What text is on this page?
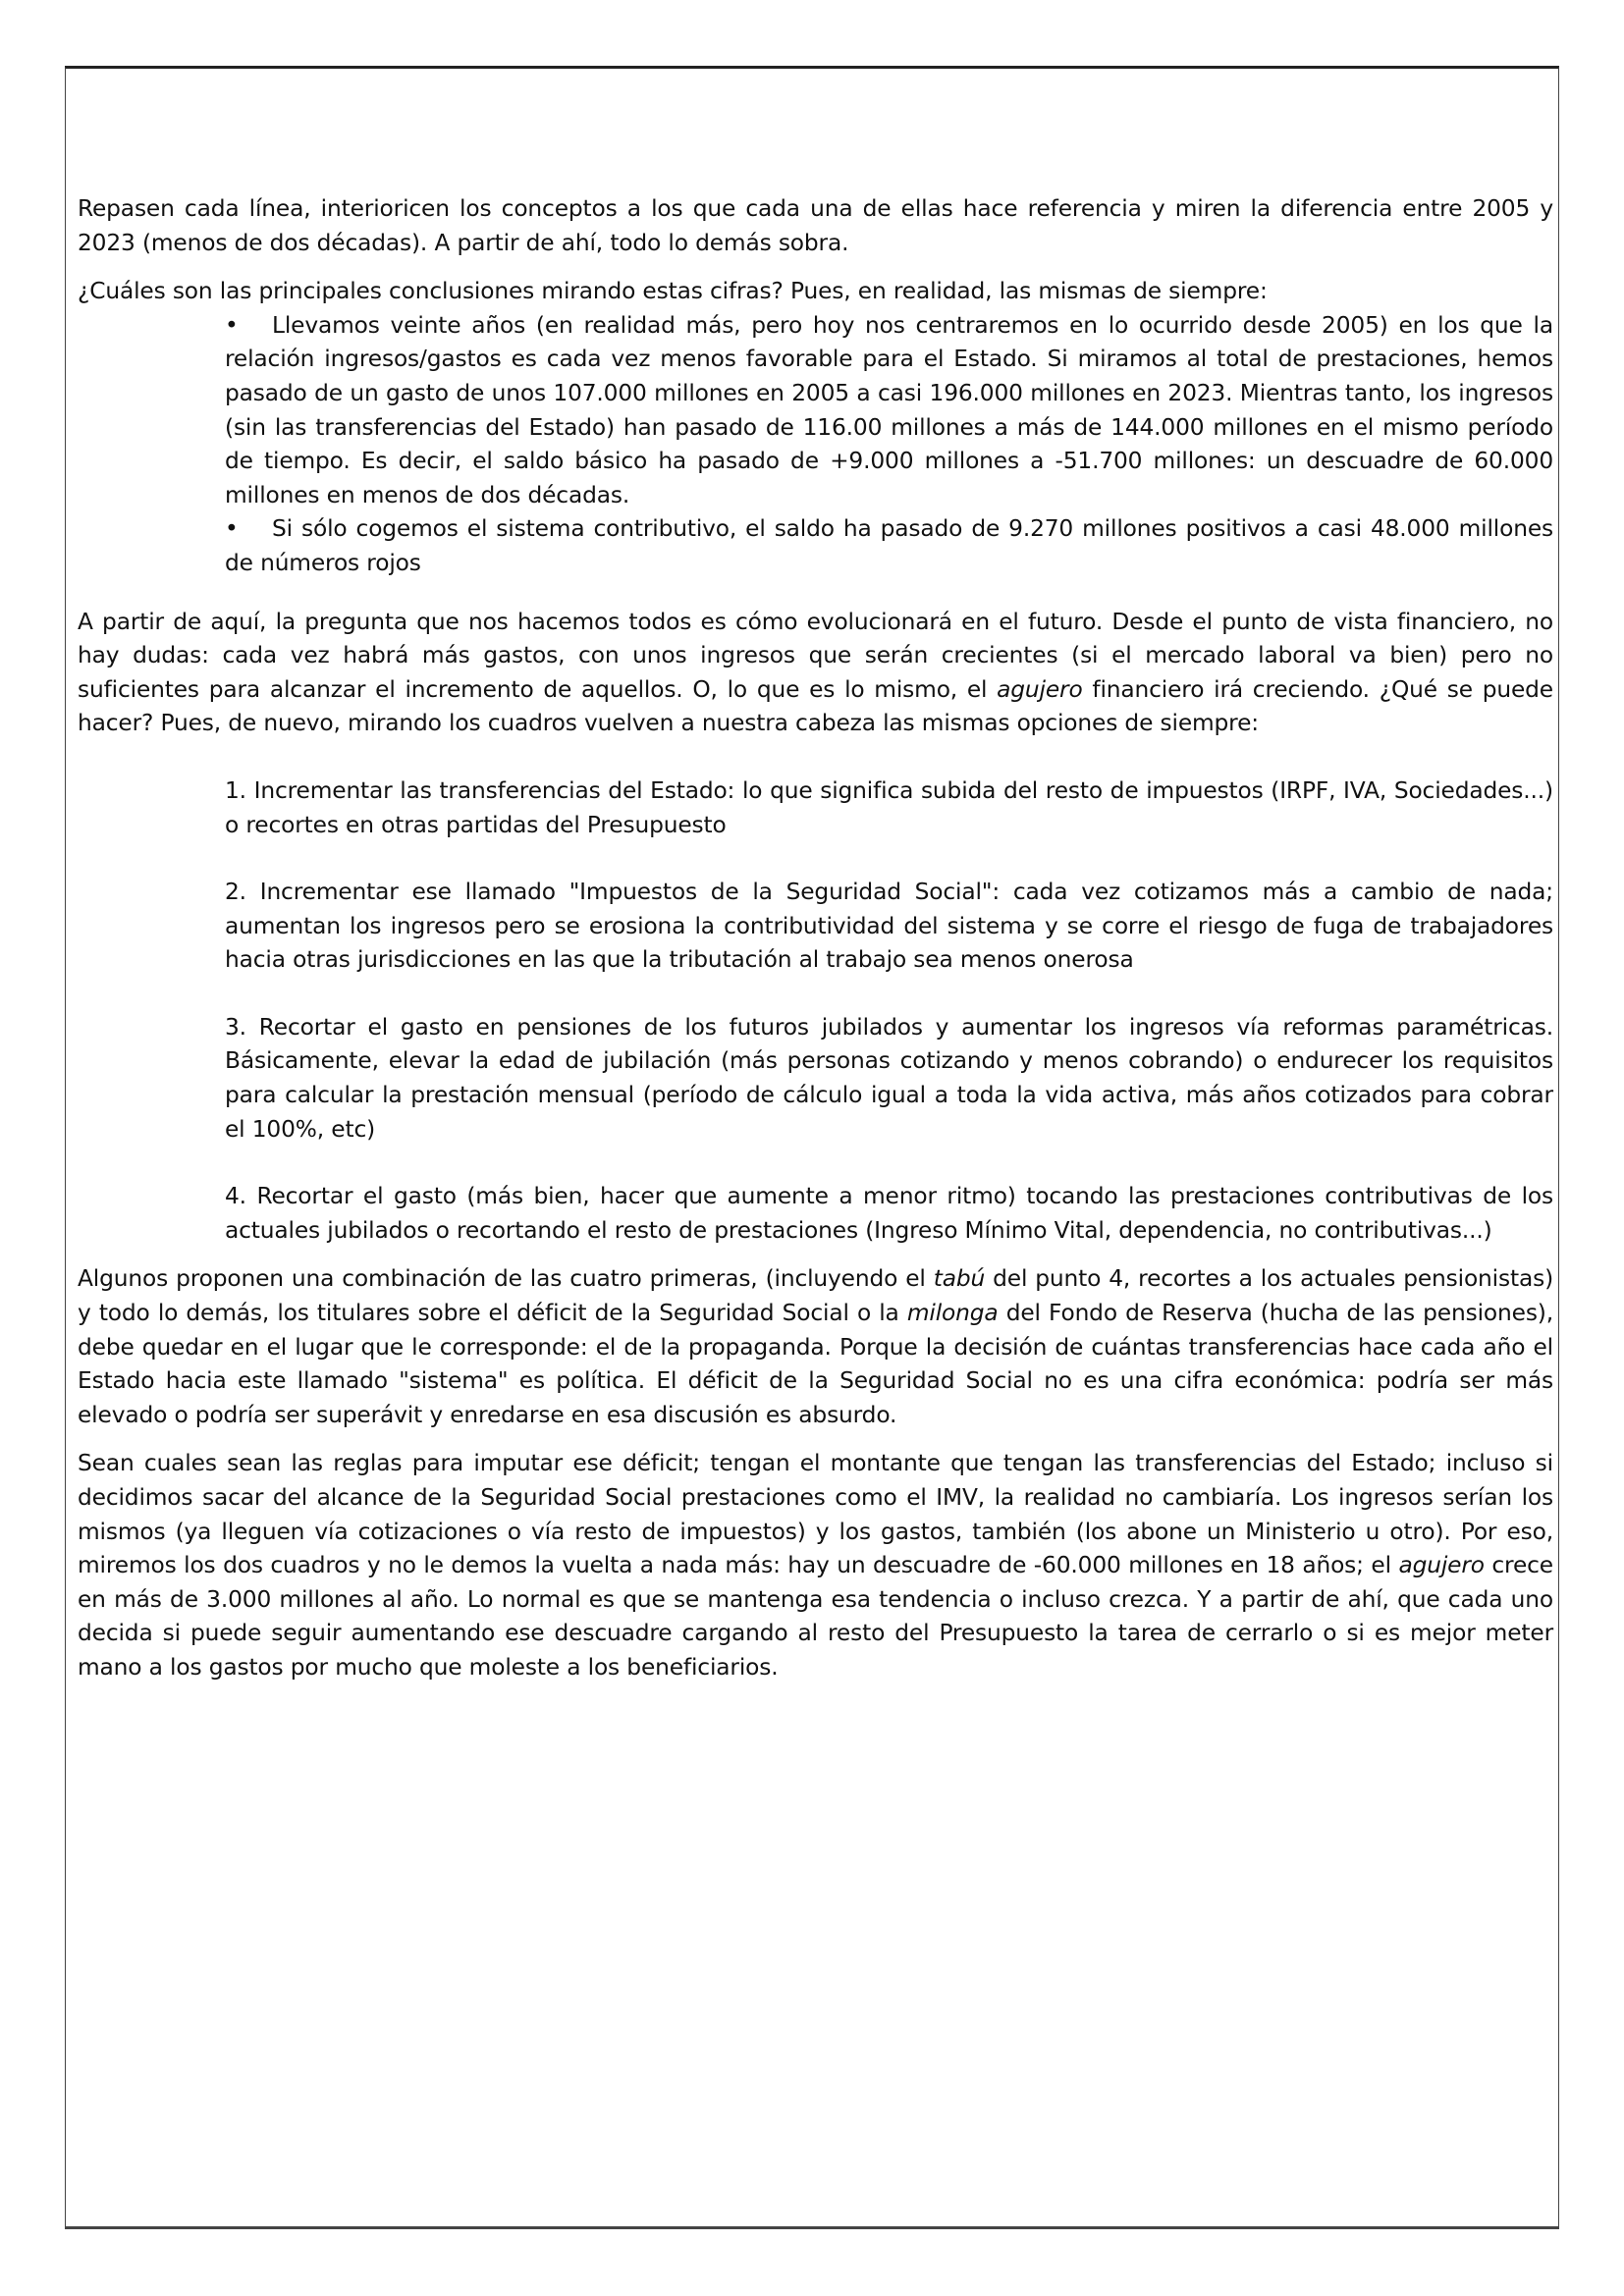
Repasen cada línea, interioricen los conceptos a los que cada una de ellas hace referencia y miren la diferencia entre 2005 y 2023 (menos de dos décadas). A partir de ahí, todo lo demás sobra.

¿Cuáles son las principales conclusiones mirando estas cifras? Pues, en realidad, las mismas de siempre:

•	Llevamos veinte años (en realidad más, pero hoy nos centraremos en lo ocurrido desde 2005) en los que la relación ingresos/gastos es cada vez menos favorable para el Estado. Si miramos al total de prestaciones, hemos pasado de un gasto de unos 107.000 millones en 2005 a casi 196.000 millones en 2023. Mientras tanto, los ingresos (sin las transferencias del Estado) han pasado de 116.00 millones a más de 144.000 millones en el mismo período de tiempo. Es decir, el saldo básico ha pasado de +9.000 millones a -51.700 millones: un descuadre de 60.000 millones en menos de dos décadas.
•	Si sólo cogemos el sistema contributivo, el saldo ha pasado de 9.270 millones positivos a casi 48.000 millones de números rojos

A partir de aquí, la pregunta que nos hacemos todos es cómo evolucionará en el futuro. Desde el punto de vista financiero, no hay dudas: cada vez habrá más gastos, con unos ingresos que serán crecientes (si el mercado laboral va bien) pero no suficientes para alcanzar el incremento de aquellos. O, lo que es lo mismo, el agujero financiero irá creciendo. ¿Qué se puede hacer? Pues, de nuevo, mirando los cuadros vuelven a nuestra cabeza las mismas opciones de siempre:

1. Incrementar las transferencias del Estado: lo que significa subida del resto de impuestos (IRPF, IVA, Sociedades...) o recortes en otras partidas del Presupuesto

2. Incrementar ese llamado "Impuestos de la Seguridad Social": cada vez cotizamos más a cambio de nada; aumentan los ingresos pero se erosiona la contributividad del sistema y se corre el riesgo de fuga de trabajadores hacia otras jurisdicciones en las que la tributación al trabajo sea menos onerosa

3. Recortar el gasto en pensiones de los futuros jubilados y aumentar los ingresos vía reformas paramétricas. Básicamente, elevar la edad de jubilación (más personas cotizando y menos cobrando) o endurecer los requisitos para calcular la prestación mensual (período de cálculo igual a toda la vida activa, más años cotizados para cobrar el 100%, etc)

4. Recortar el gasto (más bien, hacer que aumente a menor ritmo) tocando las prestaciones contributivas de los actuales jubilados o recortando el resto de prestaciones (Ingreso Mínimo Vital, dependencia, no contributivas...)

Algunos proponen una combinación de las cuatro primeras, (incluyendo el tabú del punto 4, recortes a los actuales pensionistas) y todo lo demás, los titulares sobre el déficit de la Seguridad Social o la milonga del Fondo de Reserva (hucha de las pensiones), debe quedar en el lugar que le corresponde: el de la propaganda. Porque la decisión de cuántas transferencias hace cada año el Estado hacia este llamado "sistema" es política. El déficit de la Seguridad Social no es una cifra económica: podría ser más elevado o podría ser superávit y enredarse en esa discusión es absurdo.

Sean cuales sean las reglas para imputar ese déficit; tengan el montante que tengan las transferencias del Estado; incluso si decidimos sacar del alcance de la Seguridad Social prestaciones como el IMV, la realidad no cambiaría. Los ingresos serían los mismos (ya lleguen vía cotizaciones o vía resto de impuestos) y los gastos, también (los abone un Ministerio u otro). Por eso, miremos los dos cuadros y no le demos la vuelta a nada más: hay un descuadre de -60.000 millones en 18 años; el agujero crece en más de 3.000 millones al año. Lo normal es que se mantenga esa tendencia o incluso crezca. Y a partir de ahí, que cada uno decida si puede seguir aumentando ese descuadre cargando al resto del Presupuesto la tarea de cerrarlo o si es mejor meter mano a los gastos por mucho que moleste a los beneficiarios.
